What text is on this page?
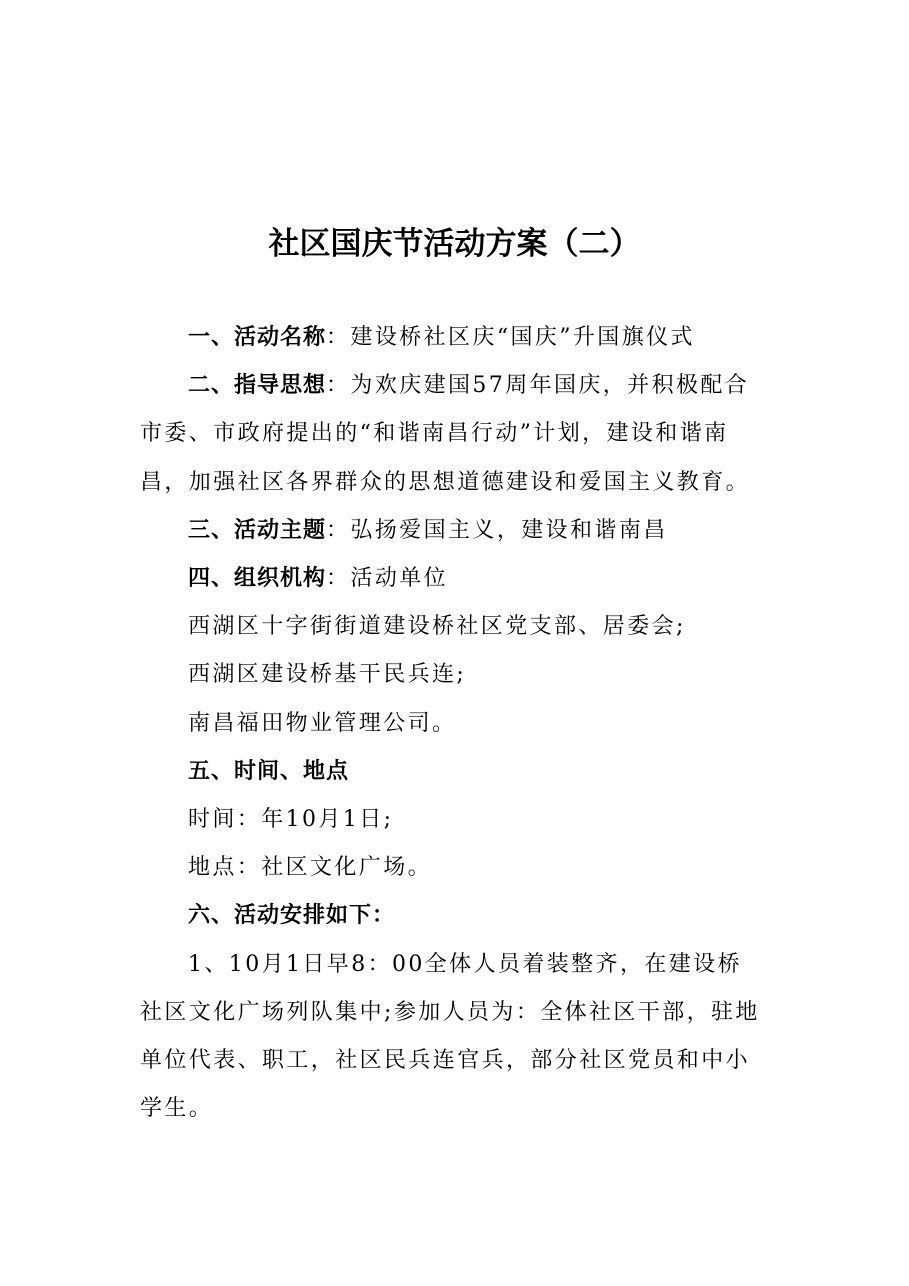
社区国庆节活动方案（二）

一、活动名称：建设桥社区庆“国庆”升国旗仪式

二、指导思想：为欢庆建国57周年国庆，并积极配合市委、市政府提出的“和谐南昌行动”计划，建设和谐南昌，加强社区各界群众的思想道德建设和爱国主义教育。

三、活动主题：弘扬爱国主义，建设和谐南昌

四、组织机构：活动单位

西湖区十字街街道建设桥社区党支部、居委会;

西湖区建设桥基干民兵连;

南昌福田物业管理公司。

五、时间、地点

时间：年10月1日;

地点：社区文化广场。

六、活动安排如下：

1、10月1日早8：00全体人员着装整齐，在建设桥社区文化广场列队集中;参加人员为：全体社区干部，驻地单位代表、职工，社区民兵连官兵，部分社区党员和中小学生。
